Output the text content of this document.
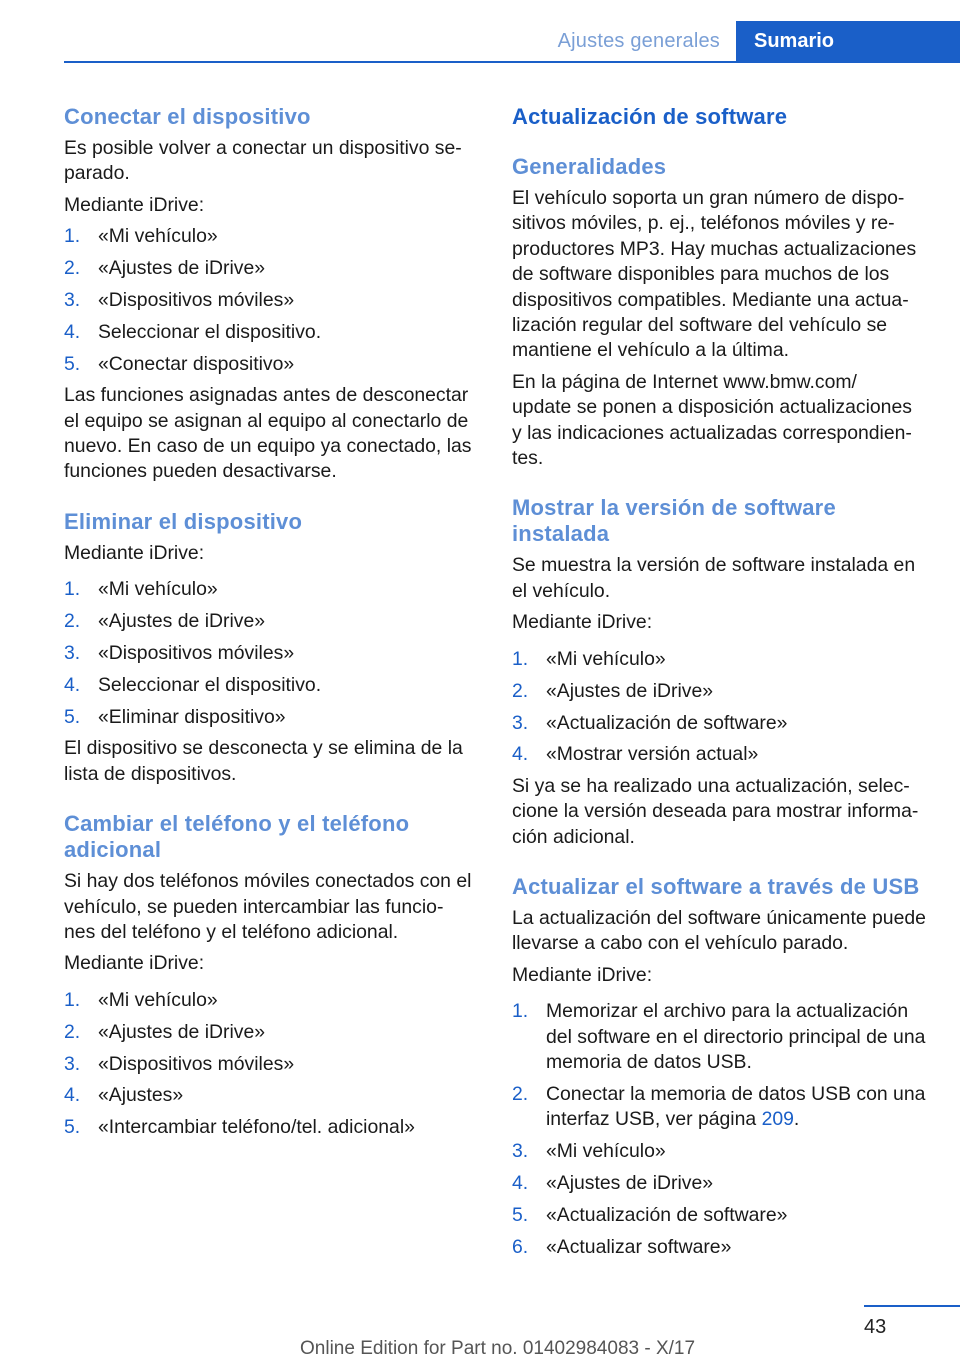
Ajustes generales	Sumario
Conectar el dispositivo

Es posible volver a conectar un dispositivo se-
parado.

Mediante iDrive:

1. «Mi vehículo»
2. «Ajustes de iDrive»
3. «Dispositivos móviles»
4. Seleccionar el dispositivo.
5. «Conectar dispositivo»

Las funciones asignadas antes de desconectar el equipo se asignan al equipo al conectarlo de nuevo. En caso de un equipo ya conectado, las funciones pueden desactivarse.

Eliminar el dispositivo

Mediante iDrive:

1. «Mi vehículo»
2. «Ajustes de iDrive»
3. «Dispositivos móviles»
4. Seleccionar el dispositivo.
5. «Eliminar dispositivo»

El dispositivo se desconecta y se elimina de la lista de dispositivos.

Cambiar el teléfono y el teléfono adicional

Si hay dos teléfonos móviles conectados con el vehículo, se pueden intercambiar las funcio-
nes del teléfono y el teléfono adicional.

Mediante iDrive:

1. «Mi vehículo»
2. «Ajustes de iDrive»
3. «Dispositivos móviles»
4. «Ajustes»
5. «Intercambiar teléfono/tel. adicional»
Actualización de software
Generalidades

El vehículo soporta un gran número de dispo-
sitivos móviles, p. ej., teléfonos móviles y re-
productores MP3. Hay muchas actualizaciones de software disponibles para muchos de los dispositivos compatibles. Mediante una actua-
lización regular del software del vehículo se mantiene el vehículo a la última.

En la página de Internet www.bmw.com/
update se ponen a disposición actualizaciones y las indicaciones actualizadas correspondien-
tes.

Mostrar la versión de software instalada

Se muestra la versión de software instalada en el vehículo.

Mediante iDrive:

1. «Mi vehículo»
2. «Ajustes de iDrive»
3. «Actualización de software»
4. «Mostrar versión actual»

Si ya se ha realizado una actualización, selec-
cione la versión deseada para mostrar informa-
ción adicional.

Actualizar el software a través de USB

La actualización del software únicamente puede llevarse a cabo con el vehículo parado.

Mediante iDrive:

1. Memorizar el archivo para la actualización del software en el directorio principal de una memoria de datos USB.
2. Conectar la memoria de datos USB con una interfaz USB, ver página 209.
3. «Mi vehículo»
4. «Ajustes de iDrive»
5. «Actualización de software»
6. «Actualizar software»
43
Online Edition for Part no. 01402984083 - X/17
